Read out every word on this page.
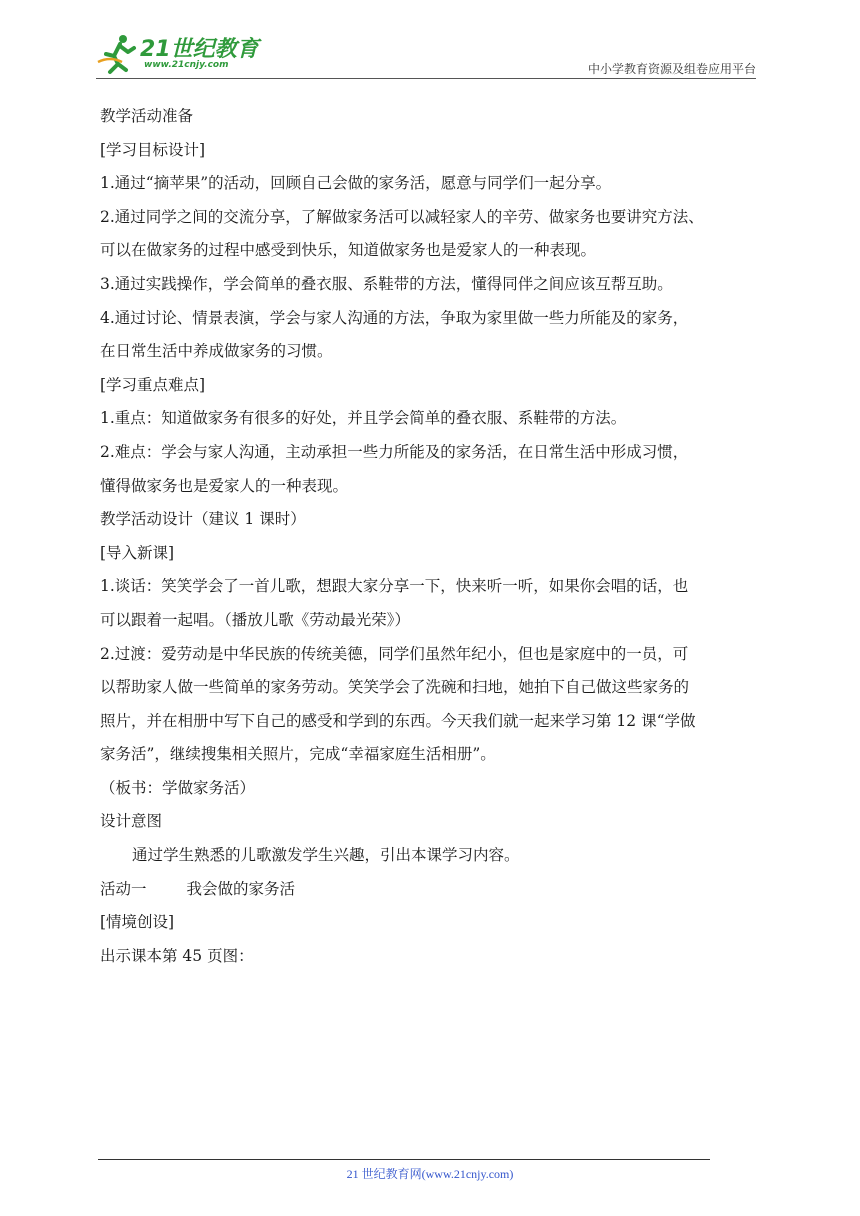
21世纪教育
www.21cnjy.com	中小学教育资源及组卷应用平台

教学活动准备

[学习目标设计]

1.通过“摘苹果”的活动，回顾自己会做的家务活，愿意与同学们一起分享。

2.通过同学之间的交流分享，了解做家务活可以减轻家人的辛劳、做家务也要讲究方法、

可以在做家务的过程中感受到快乐，知道做家务也是爱家人的一种表现。

3.通过实践操作，学会简单的叠衣服、系鞋带的方法，懂得同伴之间应该互帮互助。

4.通过讨论、情景表演，学会与家人沟通的方法，争取为家里做一些力所能及的家务，

在日常生活中养成做家务的习惯。

[学习重点难点]

1.重点：知道做家务有很多的好处，并且学会简单的叠衣服、系鞋带的方法。

2.难点：学会与家人沟通，主动承担一些力所能及的家务活，在日常生活中形成习惯，

懂得做家务也是爱家人的一种表现。

教学活动设计（建议 1 课时）

[导入新课]

1.谈话：笑笑学会了一首儿歌，想跟大家分享一下，快来听一听，如果你会唱的话，也

可以跟着一起唱。（播放儿歌《劳动最光荣》）

2.过渡：爱劳动是中华民族的传统美德，同学们虽然年纪小，但也是家庭中的一员，可

以帮助家人做一些简单的家务劳动。笑笑学会了洗碗和扫地，她拍下自己做这些家务的

照片，并在相册中写下自己的感受和学到的东西。今天我们就一起来学习第 12 课“学做

家务活”，继续搜集相关照片，完成“幸福家庭生活相册”。

（板书：学做家务活）

设计意图

通过学生熟悉的儿歌激发学生兴趣，引出本课学习内容。

活动一	我会做的家务活

[情境创设]

出示课本第 45 页图：

21 世纪教育网(www.21cnjy.com)
